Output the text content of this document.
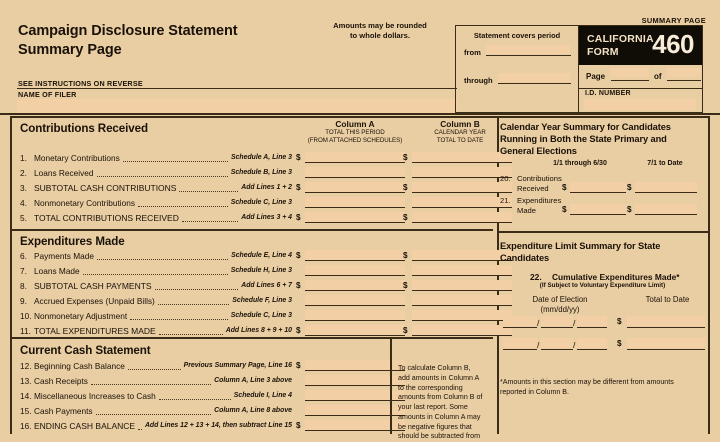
Campaign Disclosure Statement
Summary Page
Amounts may be rounded
to whole dollars.
SUMMARY PAGE
SEE INSTRUCTIONS ON REVERSE
NAME OF FILER
Statement covers period
from
through
CALIFORNIA
FORM	460
Page	of
I.D. NUMBER
Column A
TOTAL THIS PERIOD
(FROM ATTACHED SCHEDULES)
Column B
CALENDAR YEAR
TOTAL TO DATE
Contributions Received
1. Monetary Contributions	Schedule A, Line 3 $	$
2. Loans Received	Schedule B, Line 3
3. SUBTOTAL CASH CONTRIBUTIONS	Add Lines 1 + 2 $	$
4. Nonmonetary Contributions	Schedule C, Line 3
5. TOTAL CONTRIBUTIONS RECEIVED	Add Lines 3 + 4 $	$
Expenditures Made
6. Payments Made	Schedule E, Line 4 $	$
7. Loans Made	Schedule H, Line 3
8. SUBTOTAL CASH PAYMENTS	Add Lines 6 + 7 $	$
9. Accrued Expenses (Unpaid Bills)	Schedule F, Line 3
10. Nonmonetary Adjustment	Schedule C, Line 3
11. TOTAL EXPENDITURES MADE	Add Lines 8 + 9 + 10 $	$
Current Cash Statement
12. Beginning Cash Balance	Previous Summary Page, Line 16 $
13. Cash Receipts	Column A, Line 3 above
14. Miscellaneous Increases to Cash	Schedule I, Line 4
15. Cash Payments	Column A, Line 8 above
16. ENDING CASH BALANCE	Add Lines 12 + 13 + 14, then subtract Line 15 $
To calculate Column B, add amounts in Column A to the corresponding amounts from Column B of your last report. Some amounts in Column A may be negative figures that should be subtracted from
Calendar Year Summary for Candidates
Running in Both the State Primary and
General Elections
1/1 through 6/30	7/1 to Date
20. Contributions
Received	$	$
21. Expenditures
Made	$	$
Expenditure Limit Summary for State
Candidates
22. Cumulative Expenditures Made*
(If Subject to Voluntary Expenditure Limit)
Date of Election
(mm/dd/yy)
Total to Date
/	/	$
/	/	$
*Amounts in this section may be different from amounts
reported in Column B.
